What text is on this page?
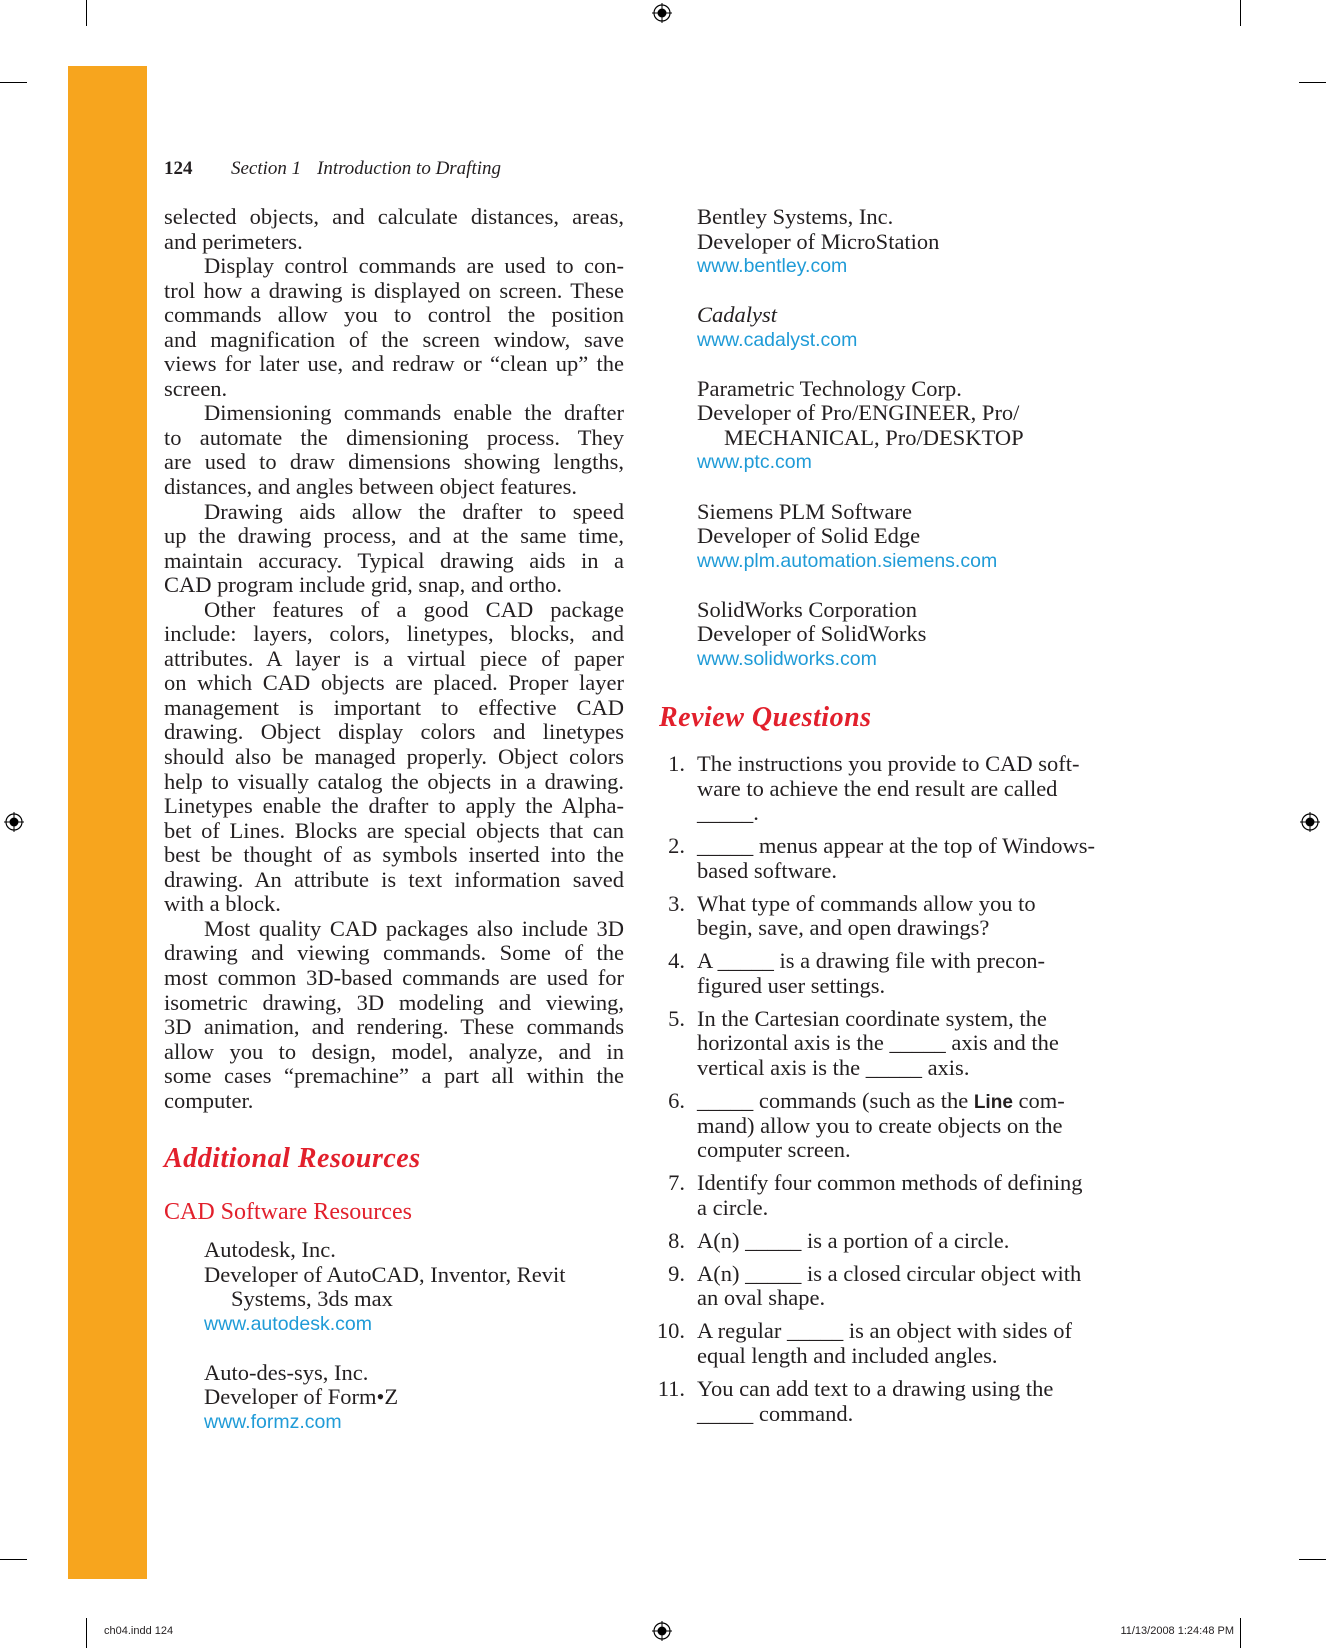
124 Section 1 Introduction to Drafting
selected objects, and calculate distances, areas,
and perimeters.
Display control commands are used to con-
trol how a drawing is displayed on screen. These
commands allow you to control the position
and magnification of the screen window, save
views for later use, and redraw or “clean up” the
screen.
Dimensioning commands enable the drafter
to automate the dimensioning process. They
are used to draw dimensions showing lengths,
distances, and angles between object features.
Drawing aids allow the drafter to speed
up the drawing process, and at the same time,
maintain accuracy. Typical drawing aids in a
CAD program include grid, snap, and ortho.
Other features of a good CAD package
include: layers, colors, linetypes, blocks, and
attributes. A layer is a virtual piece of paper
on which CAD objects are placed. Proper layer
management is important to effective CAD
drawing. Object display colors and linetypes
should also be managed properly. Object colors
help to visually catalog the objects in a drawing.
Linetypes enable the drafter to apply the Alpha-
bet of Lines. Blocks are special objects that can
best be thought of as symbols inserted into the
drawing. An attribute is text information saved
with a block.
Most quality CAD packages also include 3D
drawing and viewing commands. Some of the
most common 3D-based commands are used for
isometric drawing, 3D modeling and viewing,
3D animation, and rendering. These commands
allow you to design, model, analyze, and in
some cases “premachine” a part all within the
computer.
Additional Resources
CAD Software Resources
Autodesk, Inc.
Developer of AutoCAD, Inventor, Revit
Systems, 3ds max
www.autodesk.com
Auto-des-sys, Inc.
Developer of Form•Z
www.formz.com
Bentley Systems, Inc.
Developer of MicroStation
www.bentley.com
Cadalyst
www.cadalyst.com
Parametric Technology Corp.
Developer of Pro/ENGINEER, Pro/
MECHANICAL, Pro/DESKTOP
www.ptc.com
Siemens PLM Software
Developer of Solid Edge
www.plm.automation.siemens.com
SolidWorks Corporation
Developer of SolidWorks
www.solidworks.com
Review Questions
1. The instructions you provide to CAD soft-
ware to achieve the end result are called
_____.
2. _____ menus appear at the top of Windows-
based software.
3. What type of commands allow you to
begin, save, and open drawings?
4. A _____ is a drawing file with precon-
figured user settings.
5. In the Cartesian coordinate system, the
horizontal axis is the _____ axis and the
vertical axis is the _____ axis.
6. _____ commands (such as the Line com-
mand) allow you to create objects on the
computer screen.
7. Identify four common methods of defining
a circle.
8. A(n) _____ is a portion of a circle.
9. A(n) _____ is a closed circular object with
an oval shape.
10. A regular _____ is an object with sides of
equal length and included angles.
11. You can add text to a drawing using the
_____ command.
ch04.indd 124	11/13/2008 1:24:48 PM
